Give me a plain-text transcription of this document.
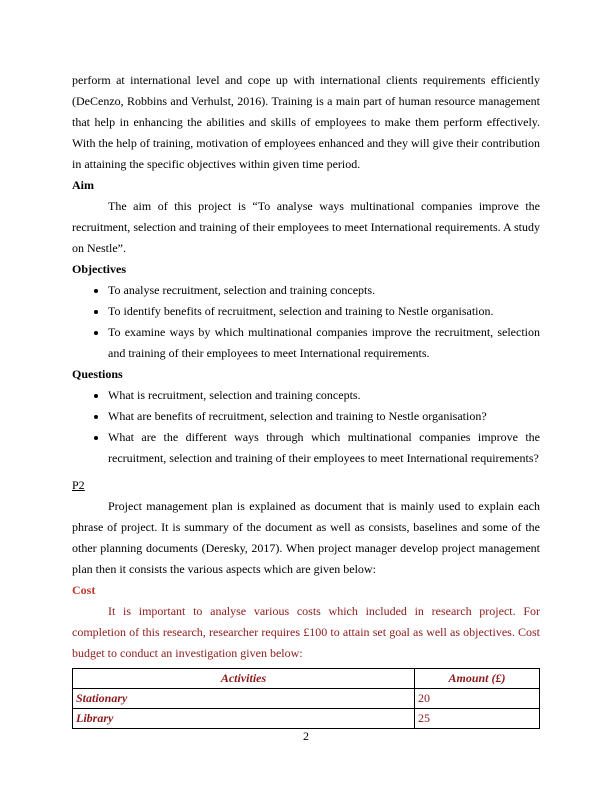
perform at international level and cope up with international clients requirements efficiently (DeCenzo, Robbins and Verhulst, 2016). Training is a main part of human resource management that help in enhancing the abilities and skills of employees to make them perform effectively. With the help of training, motivation of employees enhanced and they will give their contribution in attaining the specific objectives within given time period.

Aim

The aim of this project is “To analyse ways multinational companies improve the recruitment, selection and training of their employees to meet International requirements. A study on Nestle”.

Objectives
• To analyse recruitment, selection and training concepts.
• To identify benefits of recruitment, selection and training to Nestle organisation.
• To examine ways by which multinational companies improve the recruitment, selection and training of their employees to meet International requirements.
Questions
• What is recruitment, selection and training concepts.
• What are benefits of recruitment, selection and training to Nestle organisation?
• What are the different ways through which multinational companies improve the recruitment, selection and training of their employees to meet International requirements?

P2

Project management plan is explained as document that is mainly used to explain each phrase of project. It is summary of the document as well as consists, baselines and some of the other planning documents (Deresky, 2017). When project manager develop project management plan then it consists the various aspects which are given below:

Cost

It is important to analyse various costs which included in research project. For completion of this research, researcher requires £100 to attain set goal as well as objectives. Cost budget to conduct an investigation given below:

Activities	Amount (£)
Stationary	20
Library	25
2
